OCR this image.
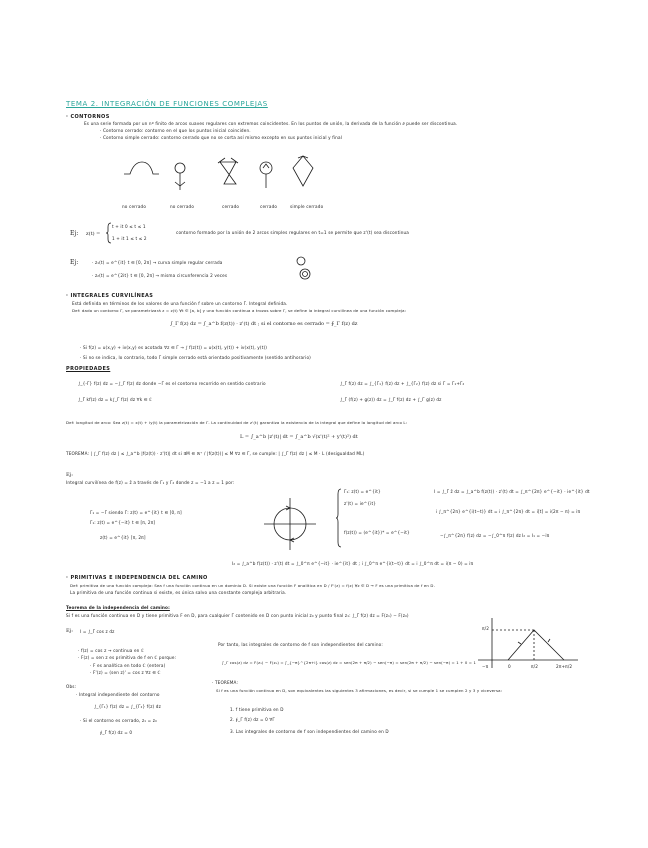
TEMA 2. INTEGRACIÓN DE FUNCIONES COMPLEJAS
· CONTORNOS
Es una serie formada por un nº finito de arcos suaves regulares con extremos coincidentes. En los puntos de unión, la derivada de la función ∂ puede ser discontinua.
· Contorno cerrado: contorno en el que los puntos inicial coinciden.
· Contorno simple cerrado: contorno cerrado que no se corta así mismo excepto en sus puntos inicial y final
no cerrado	no cerrado	cerrado	cerrado	simple cerrado
Ej: z(t) =
t + it 0 ≤ t ≤ 1
1 + it 1 ≤ t ≤ 2
contorno formado por la unión de 2 arcos simples regulares en t=1 se permite que z'(t) sea discontinua
Ej:	· z₁(t) = e^{it} t ∈ [0, 2π] → curva simple regular cerrada
· z₂(t) = e^{2it} t ∈ [0, 2π] → misma circunferencia 2 veces
· INTEGRALES CURVILÍNEAS
Está definida en términos de los valores de una función f sobre un contorno Γ. Integral definida.
Def: dado un contorno Γ, se parametrizará z = z(t) ∀t ∈ [a, b] y una función continua a trozos sobre Γ, se define la integral curvilínea de una función compleja:
∫_Γ f(z) dz = ∫_a^b f(z(t)) · z'(t) dt ; si el contorno es cerrado = ∮_Γ f(z) dz
· Si f(z) = u(x,y) + iv(x,y) es acotada ∀z ∈ Γ → ∫ f(z(t)) = u(x(t), y(t)) + iv(x(t), y(t))
· Si no se indica, lo contrario, todo Γ simple cerrado está orientado positivamente (sentido antihorario)
PROPIEDADES
∫_{-Γ} f(z) dz = −∫_Γ f(z) dz donde −Γ es el contorno recorrido en sentido contrario
∫_Γ kf(z) dz = k∫_Γ f(z) dz ∀k ∈ ℂ
∫_Γ f(z) dz = ∫_{Γ₁} f(z) dz + ∫_{Γ₂} f(z) dz si Γ = Γ₁+Γ₂
∫_Γ (f(z) + g(z)) dz = ∫_Γ f(z) dz + ∫_Γ g(z) dz
Def: longitud de arco: Sea z(t) = x(t) + iy(t) la parametrización de Γ. La continuidad de z'(t) garantiza la existencia de la integral que define la longitud del arco L:
L = ∫_a^b |z'(t)| dt = ∫_a^b √(x'(t)² + y'(t)²) dt
TEOREMA: | ∫_Γ f(z) dz | ≤ ∫_a^b |f(z(t)) · z'(t)| dt si ∃M ∈ ℝ⁺ / |f(z(t))| ≤ M ∀z ∈ Γ, se cumple: | ∫_Γ f(z) dz | ≤ M · L (desigualdad ML)
Ej:
Integral curvilínea de f(z) = z̄ a través de Γ₁ y Γ₂ donde z = −1 a z = 1 por:
Γ₁ = −Γ siendo Γ: z(t) = e^{it} t ∈ [0, π]
Γ₁: z(t) = e^{−it} t ∈ [π, 2π]
z(t) = e^{it} [π, 2π]
Γ₁: z(t) = e^{it}
z'(t) = ie^{it}
f(z(t)) = (e^{it})* = e^{−it}
I = ∫_Γ z̄ dz = ∫_a^b f(z(t)) · z'(t) dt = ∫_π^{2π} e^{−it} · ie^{it} dt
i ∫_π^{2π} e^{i(t−t)} dt = i ∫_π^{2π} dt = i[t] = i(2π − π) = iπ
−∫_π^{2π} f(z) dz = −∫_0^π f(z) dz I₂ = I₁ = −iπ
I₂ = ∫_a^b f(z(t)) · z'(t) dt = ∫_0^π e^{−it} · ie^{it} dt ; i ∫_0^π e^{i(t−t)} dt = i ∫_0^π dt = i(π − 0) = iπ
· PRIMITIVAS E INDEPENDENCIA DEL CAMINO
Def: primitiva de una función compleja: Sea f una función continua en un dominio D. Si existe una función F analítica en D / F'(z) = f(z) ∀z ∈ D → F es una primitiva de f en D.
La primitiva de una función continua si existe, es única salvo una constante compleja arbitraria.
Teorema de la independencia del camino:
Si f es una función continua en D y tiene primitiva F en D, para cualquier Γ contenido en D con punto inicial z₀ y punto final z₁: ∫_Γ f(z) dz = F(z₁) − F(z₀)
Ej: I = ∫_Γ cos z dz
· f(z) = cos z → continua en ℂ
· F(z) = sen z es primitiva de f en ℂ porque:
· F es analítica en todo ℂ (entera)
· F'(z) = (sen z)' = cos z ∀z ∈ ℂ
Por tanto, las integrales de contorno de f son independientes del camino:
∫_Γ cos(z) dz = F(z₁) − F(z₀) = ∫_{−π}^{2π+i} cos(z) dz = sen(2π + π/2) − sen(−π) = sen(2π + π/2) − sen(−π) = 1 + 0 = 1
−π	0	π/2	2π+π/2
π/2
Obs:
· Integral independiente del contorno
∫_{Γ₁} f(z) dz = ∫_{Γ₂} f(z) dz
· Si el contorno es cerrado, z₁ = z₀
∮_Γ f(z) dz = 0
· TEOREMA:
Si f es una función continua en D, son equivalentes las siguientes 3 afirmaciones, es decir, si se cumple 1 se cumplen 2 y 3 y viceversa:
1. f tiene primitiva en D
2. ∮_Γ f(z) dz = 0 ∀Γ
3. Las integrales de contorno de f son independientes del camino en D
